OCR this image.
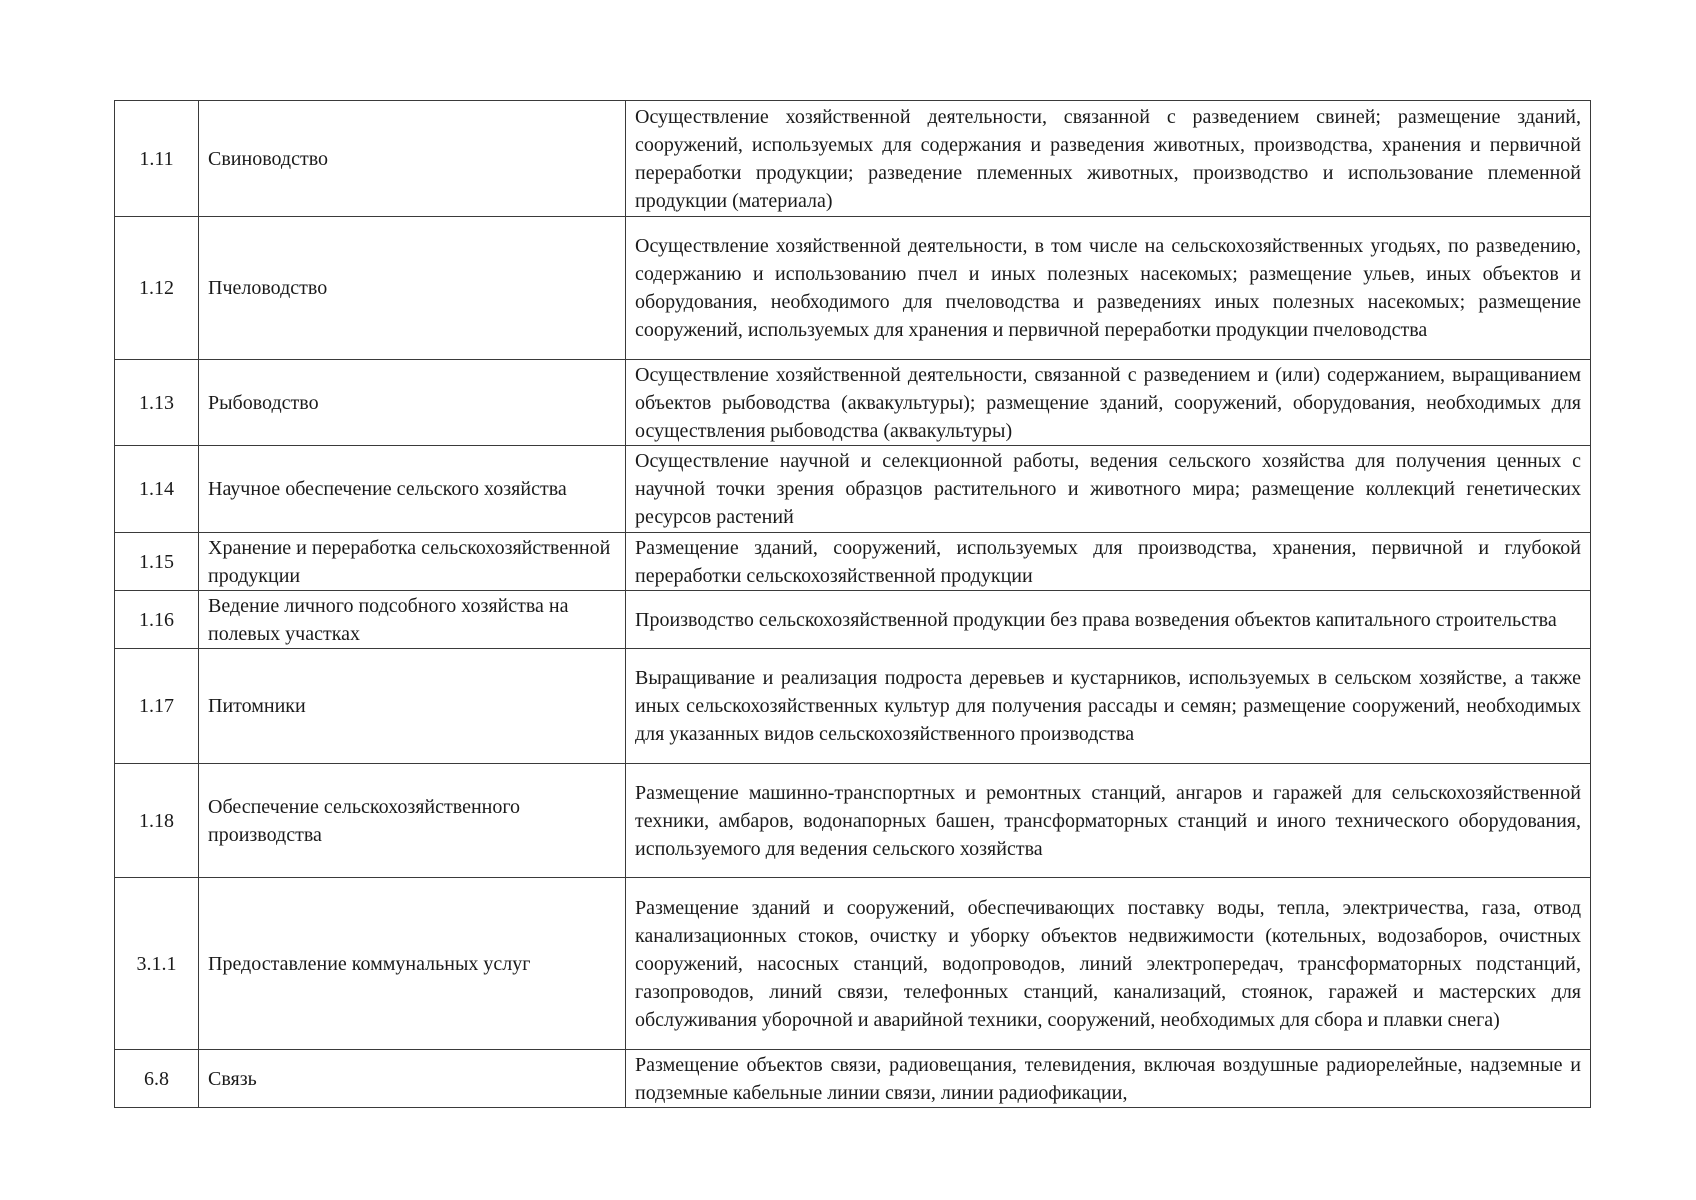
1.11	Свиноводство	Осуществление хозяйственной деятельности, связанной с разведением свиней; размещение зданий, сооружений, используемых для содержания и разведения животных, производства, хранения и первичной переработки продукции; разведение племенных животных, производство и использование племенной продукции (материала)
1.12	Пчеловодство	Осуществление хозяйственной деятельности, в том числе на сельскохозяйственных угодьях, по разведению, содержанию и использованию пчел и иных полезных насекомых; размещение ульев, иных объектов и оборудования, необходимого для пчеловодства и разведениях иных полезных насекомых; размещение сооружений, используемых для хранения и первичной переработки продукции пчеловодства
1.13	Рыбоводство	Осуществление хозяйственной деятельности, связанной с разведением и (или) содержанием, выращиванием объектов рыбоводства (аквакультуры); размещение зданий, сооружений, оборудования, необходимых для осуществления рыбоводства (аквакультуры)
1.14	Научное обеспечение сельского хозяйства	Осуществление научной и селекционной работы, ведения сельского хозяйства для получения ценных с научной точки зрения образцов растительного и животного мира; размещение коллекций генетических ресурсов растений
1.15	Хранение и переработка сельскохозяйственной продукции	Размещение зданий, сооружений, используемых для производства, хранения, первичной и глубокой переработки сельскохозяйственной продукции
1.16	Ведение личного подсобного хозяйства на полевых участках	Производство сельскохозяйственной продукции без права возведения объектов капитального строительства
1.17	Питомники	Выращивание и реализация подроста деревьев и кустарников, используемых в сельском хозяйстве, а также иных сельскохозяйственных культур для получения рассады и семян; размещение сооружений, необходимых для указанных видов сельскохозяйственного производства
1.18	Обеспечение сельскохозяйственного производства	Размещение машинно-транспортных и ремонтных станций, ангаров и гаражей для сельскохозяйственной техники, амбаров, водонапорных башен, трансформаторных станций и иного технического оборудования, используемого для ведения сельского хозяйства
3.1.1	Предоставление коммунальных услуг	Размещение зданий и сооружений, обеспечивающих поставку воды, тепла, электричества, газа, отвод канализационных стоков, очистку и уборку объектов недвижимости (котельных, водозаборов, очистных сооружений, насосных станций, водопроводов, линий электропередач, трансформаторных подстанций, газопроводов, линий связи, телефонных станций, канализаций, стоянок, гаражей и мастерских для обслуживания уборочной и аварийной техники, сооружений, необходимых для сбора и плавки снега)
6.8	Связь	Размещение объектов связи, радиовещания, телевидения, включая воздушные радиорелейные, надземные и подземные кабельные линии связи, линии радиофикации,
